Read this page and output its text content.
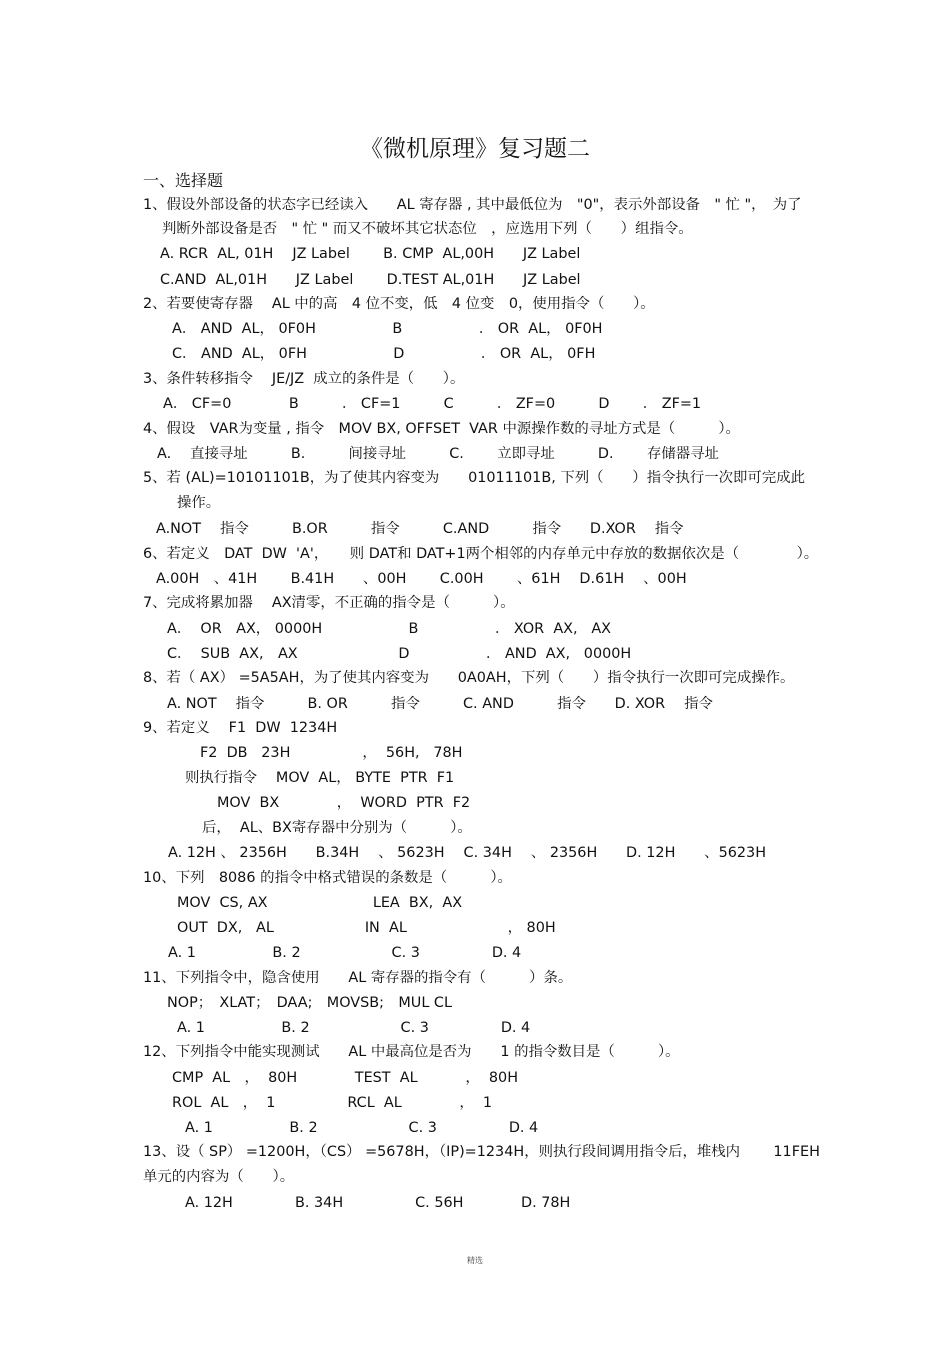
《微机原理》复习题二
一、选择题
1、假设外部设备的状态字已经读入　　AL 寄存器 , 其中最低位为　"0"，表示外部设备　" 忙 "，　为了
判断外部设备是否　" 忙 " 而又不破坏其它状态位　，应选用下列（　　）组指令。
A. RCR  AL, 01H　 JZ Label　　 B. CMP  AL,00H　　JZ Label
C.AND  AL,01H　　JZ Label　　 D.TEST AL,01H　　JZ Label
2、若要使寄存器　 AL 中的高　4 位不变，低　4 位变　0，使用指令（　　）。
A． AND  AL， 0F0H　　　　　 B　　　　　 ． OR  AL， 0F0H
C． AND  AL， 0FH　　　　　　D　　　　　 ． OR  AL， 0FH
3、条件转移指令　 JE/JZ  成立的条件是（　　）。
A． CF=0　　　　B　　　． CF=1　　　C　　　． ZF=0　　　D　　 ． ZF=1
4、假设　VAR为变量 , 指令　MOV BX, OFFSET  VAR 中源操作数的寻址方式是（　　　）。
A.　 直接寻址　　　B.　　　间接寻址　　　C.　　 立即寻址　　　D.　　 存储器寻址
5、若 (AL)=10101101B，为了使其内容变为　　01011101B, 下列（　　）指令执行一次即可完成此
操作。
A.NOT　 指令　　　B.OR　　　指令　　　C.AND　　　指令　　D.XOR　 指令
6、若定义　DAT  DW  'A'，　　则 DAT和 DAT+1两个相邻的内存单元中存放的数据依次是（　　　　）。
A.00H　、41H　　 B.41H　　、00H　　 C.00H　　 、61H　 D.61H　 、00H
7、完成将累加器　 AX清零，不正确的指令是（　　　）。
A．  OR　AX， 0000H　　　　　　B　　　　　 ． XOR  AX,   AX
C．  SUB  AX,　AX　　　　　　　D　　　　　 ． AND  AX,   0000H
8、若（ AX） =5A5AH，为了使其内容变为　　0A0AH，下列（　　）指令执行一次即可完成操作。
A. NOT　 指令　　　B. OR　　　指令　　　C. AND　　　指令　　D. XOR　 指令
9、若定义　 F1  DW  1234H
F2  DB   23H　　　　　，  56H,   78H
则执行指令　 MOV  AL， BYTE  PTR  F1
MOV  BX　　　　，  WORD  PTR  F2
后，  AL、BX寄存器中分别为（　　　）。
A. 12H 、 2356H　　B.34H　 、 5623H　 C. 34H　 、 2356H　　D. 12H　　、5623H
10、下列　8086 的指令中格式错误的条数是（　　　）。
MOV  CS, AX　　　　　　　 LEA  BX,  AX
OUT  DX,   AL　　　　　　 IN  AL　　　　　　　， 80H
A. 1　　　　　 B. 2　　　　　　 C. 3　　　　　D. 4
11、下列指令中，隐含使用　　AL 寄存器的指令有（　　　）条。
NOP；　XLAT；　DAA;　MOVSB;　MUL CL
A. 1　　　　　 B. 2　　　　　　 C. 3　　　　　D. 4
12、下列指令中能实现测试　　AL 中最高位是否为　　1 的指令数目是（　　　）。
CMP  AL　，  80H　　　　TEST  AL　　　 ，  80H
ROL  AL　，  1　　　　　RCL  AL　　　　，  1
A. 1　　　　　 B. 2　　　　　　 C. 3　　　　　D. 4
13、设（ SP） =1200H，（CS） =5678H，（IP)=1234H，则执行段间调用指令后，堆栈内　　 11FEH
单元的内容为（　　）。
A. 12H　　　　 B. 34H　　　　　C. 56H　　　　D. 78H
精选
